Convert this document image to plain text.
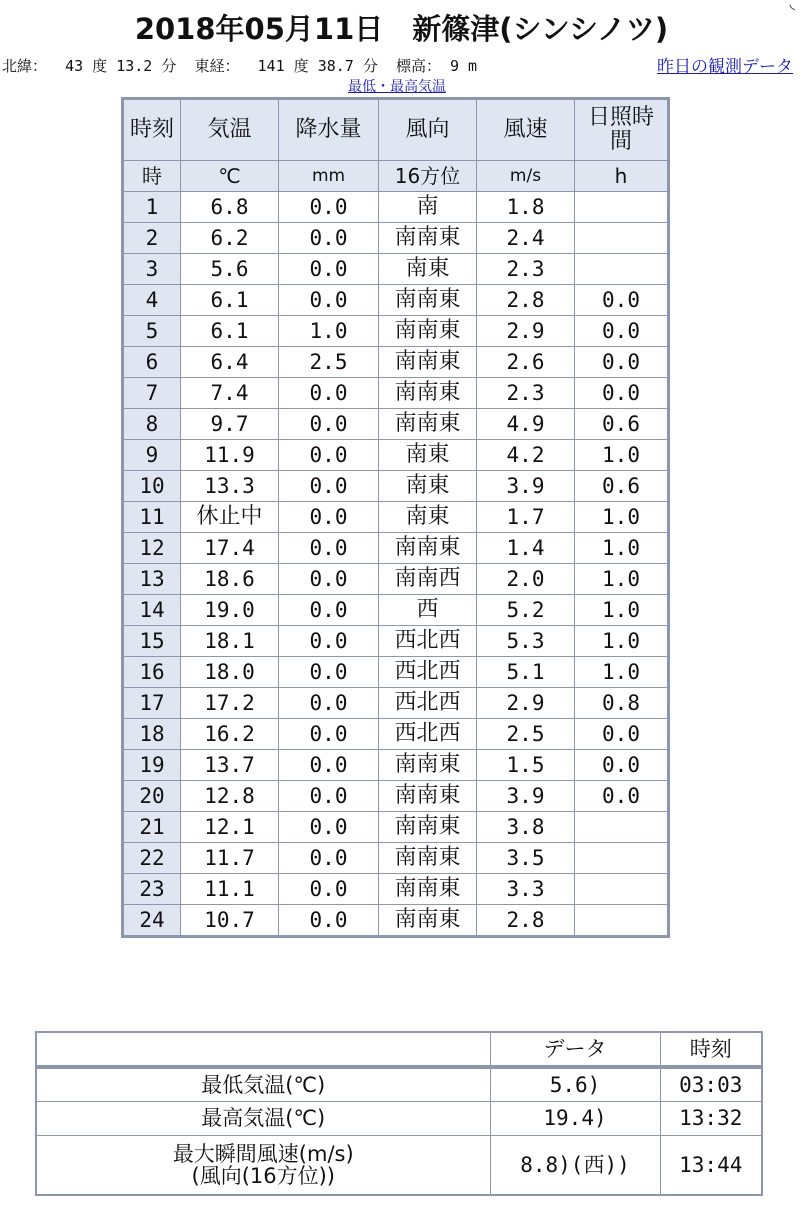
2018年05月11日　新篠津(シンシノツ)
◟
北緯： 43 度 13.2 分 東経： 141 度 38.7 分 標高： 9 m	昨日の観測データ
最低・最高気温
時刻	気温	降水量	風向	風速	日照時
間
時	℃	mm	16方位	m/s	h
1	6.8	0.0	南	1.8	
2	6.2	0.0	南南東	2.4	
3	5.6	0.0	南東	2.3	
4	6.1	0.0	南南東	2.8	0.0
5	6.1	1.0	南南東	2.9	0.0
6	6.4	2.5	南南東	2.6	0.0
7	7.4	0.0	南南東	2.3	0.0
8	9.7	0.0	南南東	4.9	0.6
9	11.9	0.0	南東	4.2	1.0
10	13.3	0.0	南東	3.9	0.6
11	休止中	0.0	南東	1.7	1.0
12	17.4	0.0	南南東	1.4	1.0
13	18.6	0.0	南南西	2.0	1.0
14	19.0	0.0	西	5.2	1.0
15	18.1	0.0	西北西	5.3	1.0
16	18.0	0.0	西北西	5.1	1.0
17	17.2	0.0	西北西	2.9	0.8
18	16.2	0.0	西北西	2.5	0.0
19	13.7	0.0	南南東	1.5	0.0
20	12.8	0.0	南南東	3.9	0.0
21	12.1	0.0	南南東	3.8	
22	11.7	0.0	南南東	3.5	
23	11.1	0.0	南南東	3.3	
24	10.7	0.0	南南東	2.8	
	データ	時刻
最低気温(℃)	5.6)	03:03
最高気温(℃)	19.4)	13:32
最大瞬間風速(m/s)
(風向(16方位))	8.8)(西))	13:44
